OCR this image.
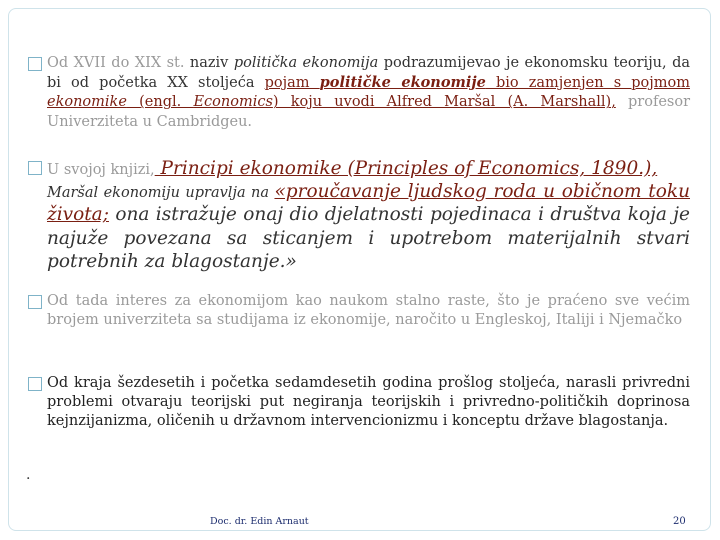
Od XVII do XIX st. naziv politička ekonomija podrazumijevao je ekonomsku teoriju, da bi od početka XX stoljeća pojam političke ekonomije bio zamjenjen s pojmom ekonomike (engl. Economics) koju uvodi Alfred Maršal (A. Marshall), profesor Univerziteta u Cambridgeu.
U svojoj knjizi, Principi ekonomike (Principles of Economics, 1890.),
Maršal ekonomiju upravlja na «proučavanje ljudskog roda u običnom toku života; ona istražuje onaj dio djelatnosti pojedinaca i društva koja je najuže povezana sa sticanjem i upotrebom materijalnih stvari potrebnih za blagostanje.»
Od tada interes za ekonomijom kao naukom stalno raste, što je praćeno sve većim brojem univerziteta sa studijama iz ekonomije, naročito u Engleskoj, Italiji i Njemačko
Od kraja šezdesetih i početka sedamdesetih godina prošlog stoljeća, narasli privredni problemi otvaraju teorijski put negiranja teorijskih i privredno-političkih doprinosa kejnzijanizma, oličenih u državnom intervencionizmu i konceptu države blagostanja.
.
Doc. dr. Edin Arnaut	20
